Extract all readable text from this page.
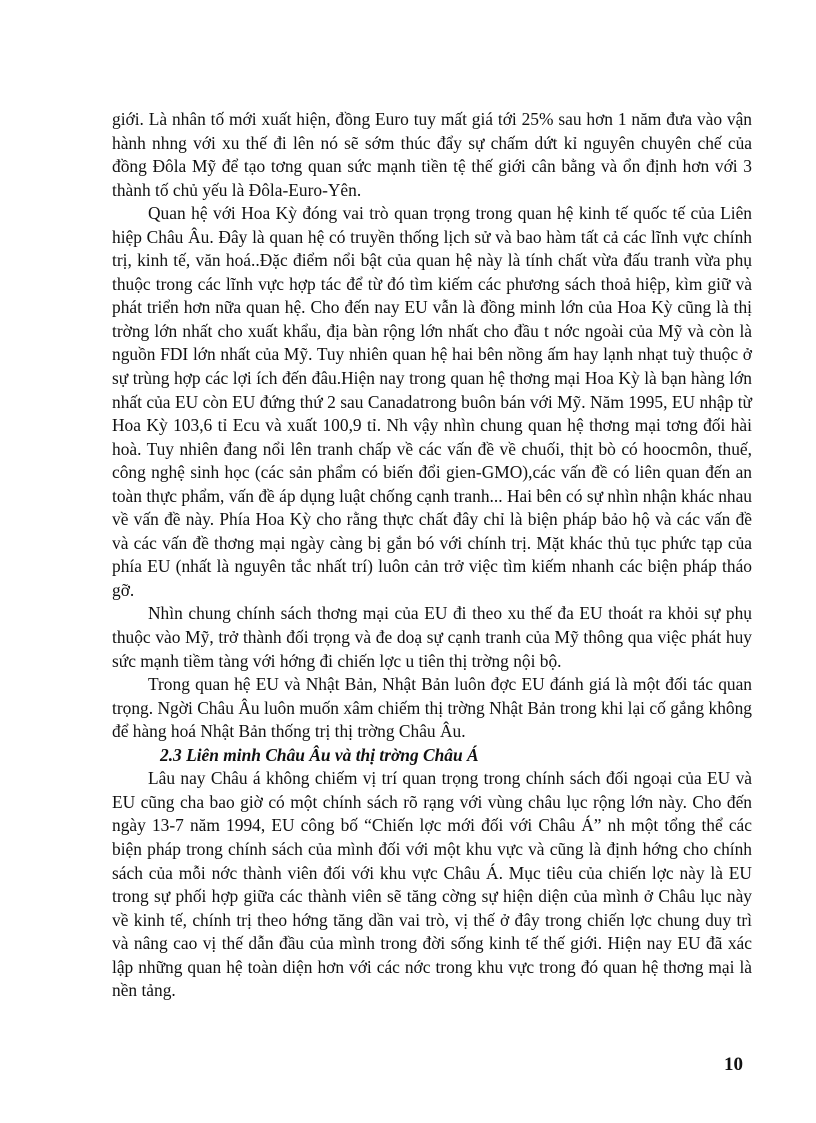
giới. Là nhân tố mới xuất hiện, đồng Euro tuy mất giá tới 25% sau hơn 1 năm đưa vào vận hành nhng với xu thế đi lên nó sẽ sớm thúc đẩy sự chấm dứt kỉ nguyên chuyên chế của đồng Đôla Mỹ để tạo tơng quan sức mạnh tiền tệ thế giới cân bằng và ổn định hơn với 3 thành tố chủ yếu là Đôla-Euro-Yên.

Quan hệ với Hoa Kỳ đóng vai trò quan trọng trong quan hệ kinh tế quốc tế của Liên hiệp Châu Âu. Đây là quan hệ có truyền thống lịch sử và bao hàm tất cả các lĩnh vực chính trị, kinh tế, văn hoá..Đặc điểm nổi bật của quan hệ này là tính chất vừa đấu tranh vừa phụ thuộc trong các lĩnh vực hợp tác để từ đó tìm kiếm các phương sách thoả hiệp, kìm giữ và phát triển hơn nữa quan hệ. Cho đến nay EU vẫn là đồng minh lớn của Hoa Kỳ cũng là thị trờng lớn nhất cho xuất khẩu, địa bàn rộng lớn nhất cho đầu t nớc ngoài của Mỹ và còn là nguồn FDI lớn nhất của Mỹ. Tuy nhiên quan hệ hai bên nồng ấm hay lạnh nhạt tuỳ thuộc ở sự trùng hợp các lợi ích đến đâu.Hiện nay trong quan hệ thơng mại Hoa Kỳ là bạn hàng lớn nhất của EU còn EU đứng thứ 2 sau Canadatrong buôn bán với Mỹ. Năm 1995, EU nhập từ Hoa Kỳ 103,6 tỉ Ecu và xuất 100,9 tỉ. Nh vậy nhìn chung quan hệ thơng mại tơng đối hài hoà. Tuy nhiên đang nổi lên tranh chấp về các vấn đề về chuối, thịt bò có hoocmôn, thuế, công nghệ sinh học (các sản phẩm có biến đổi gien-GMO),các vấn đề có liên quan đến an toàn thực phẩm, vấn đề áp dụng luật chống cạnh tranh... Hai bên có sự nhìn nhận khác nhau về vấn đề này. Phía Hoa Kỳ cho rằng thực chất đây chỉ là biện pháp bảo hộ và các vấn đề và các vấn đề thơng mại ngày càng bị gắn bó với chính trị. Mặt khác thủ tục phức tạp của phía EU (nhất là nguyên tắc nhất trí) luôn cản trở việc tìm kiếm nhanh các biện pháp tháo gỡ.

Nhìn chung chính sách thơng mại của EU đi theo xu thế đa EU thoát ra khỏi sự phụ thuộc vào Mỹ, trở thành đối trọng và đe doạ sự cạnh tranh của Mỹ thông qua việc phát huy sức mạnh tiềm tàng với hớng đi chiến lợc u tiên thị trờng nội bộ.

Trong quan hệ EU và Nhật Bản, Nhật Bản luôn đợc EU đánh giá là một đối tác quan trọng. Ngời Châu Âu luôn muốn xâm chiếm thị trờng Nhật Bản trong khi lại cố gắng không để hàng hoá Nhật Bản thống trị thị trờng Châu Âu.

2.3 Liên minh Châu Âu và thị trờng Châu Á

Lâu nay Châu á không chiếm vị trí quan trọng trong chính sách đối ngoại của EU và EU cũng cha bao giờ có một chính sách rõ rạng với vùng châu lục rộng lớn này. Cho đến ngày 13-7 năm 1994, EU công bố “Chiến lợc mới đối với Châu Á” nh một tổng thể các biện pháp trong chính sách của mình đối với một khu vực và cũng là định hớng cho chính sách của mỗi nớc thành viên đối với khu vực Châu Á. Mục tiêu của chiến lợc này là EU trong sự phối hợp giữa các thành viên sẽ tăng cờng sự hiện diện của mình ở Châu lục này về kinh tế, chính trị theo hớng tăng dần vai trò, vị thế ở đây trong chiến lợc chung duy trì và nâng cao vị thế dẫn đầu của mình trong đời sống kinh tế thế giới. Hiện nay EU đã xác lập những quan hệ toàn diện hơn với các nớc trong khu vực trong đó quan hệ thơng mại là nền tảng.

10
